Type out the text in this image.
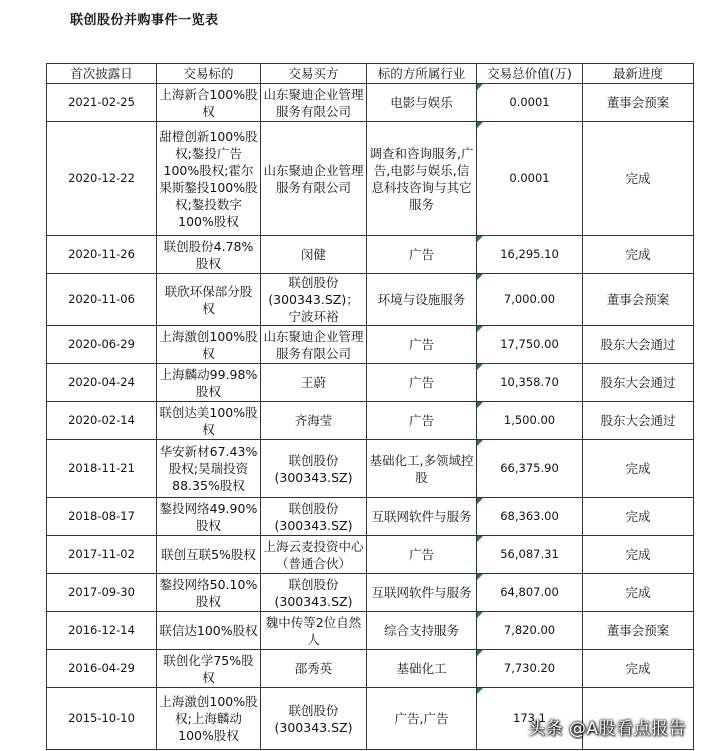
联创股份并购事件一览表
首次披露日	交易标的	交易买方	标的方所属行业	交易总价值(万)	最新进度
2021-02-25	上海新合100%股权	山东聚迪企业管理服务有限公司	电影与娱乐	0.0001	董事会预案
2020-12-22	甜橙创新100%股权;鏊投广告100%股权;霍尔果斯鏊投100%股权;鏊投数字100%股权	山东聚迪企业管理服务有限公司	调查和咨询服务,广告,电影与娱乐,信息科技咨询与其它服务	0.0001	完成
2020-11-26	联创股份4.78%股权	闵健	广告	16,295.10	完成
2020-11-06	联欣环保部分股权	联创股份(300343.SZ)；宁波环裕	环境与设施服务	7,000.00	董事会预案
2020-06-29	上海激创100%股权	山东聚迪企业管理服务有限公司	广告	17,750.00	股东大会通过
2020-04-24	上海麟动99.98%股权	王蔚	广告	10,358.70	股东大会通过
2020-02-14	联创达美100%股权	齐海莹	广告	1,500.00	股东大会通过
2018-11-21	华安新材67.43%股权;昊瑞投资88.35%股权	联创股份(300343.SZ)	基础化工,多领域控股	66,375.90	完成
2018-08-17	鏊投网络49.90%股权	联创股份(300343.SZ)	互联网软件与服务	68,363.00	完成
2017-11-02	联创互联5%股权	上海云麦投资中心（普通合伙）	广告	56,087.31	完成
2017-09-30	鏊投网络50.10%股权	联创股份(300343.SZ)	互联网软件与服务	64,807.00	完成
2016-12-14	联信达100%股权	魏中传等2位自然人	综合支持服务	7,820.00	董事会预案
2016-04-29	联创化学75%股权	邵秀英	基础化工	7,730.20	完成
2015-10-10	上海激创100%股权;上海麟动100%股权	联创股份(300343.SZ)	广告,广告	173,1	
头条 @A股看点报告
